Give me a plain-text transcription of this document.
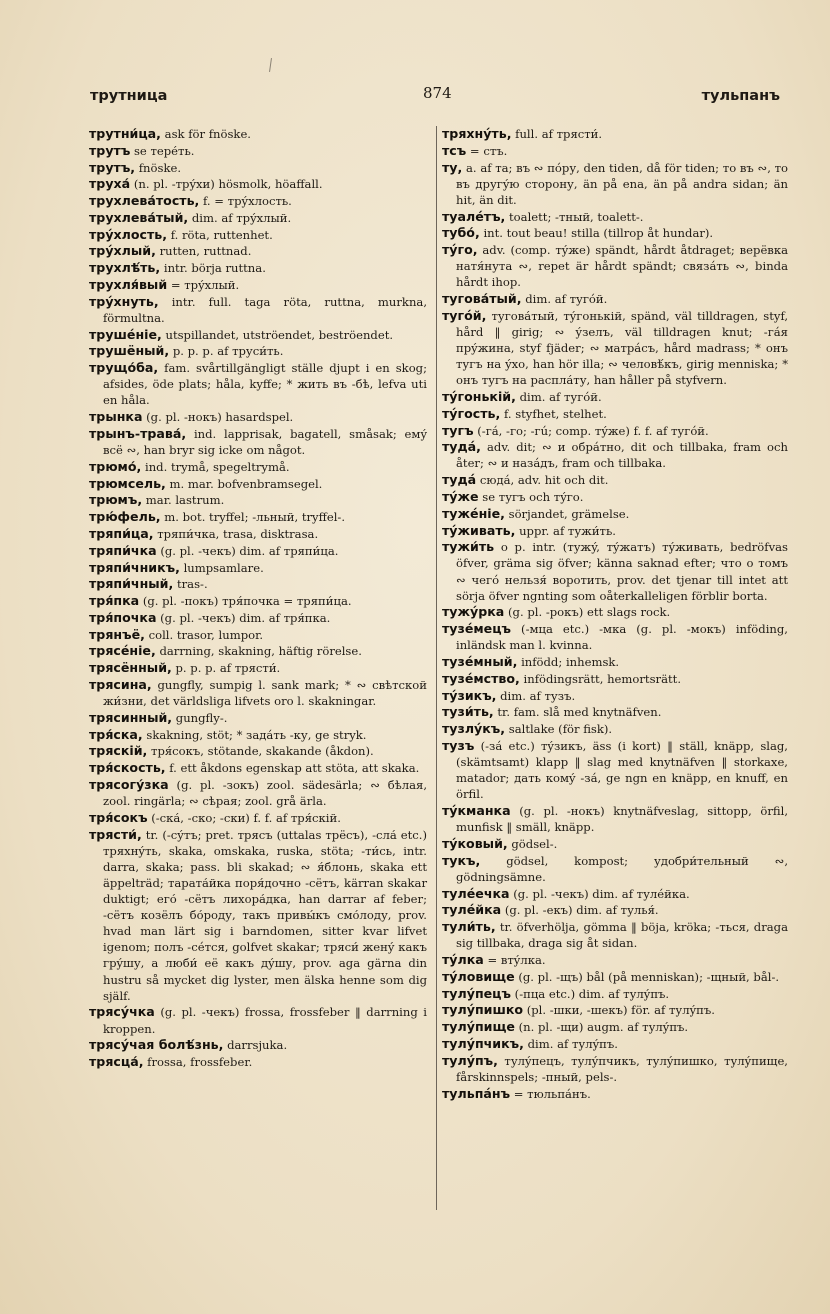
трутница	874	тульпанъ

трутни́ца, ask för fnöske.

трутъ se тере́ть.

трутъ, fnöske.

труха́ (n. pl. -трýхи) hösmolk, höaffall.

трухлева́тость, f. = трýхлость.

трухлева́тый, dim. af трýхлый.

трýхлость, f. röta, ruttenhet.

трýхлый, rutten, ruttnad.

трухлѣ́ть, intr. börja ruttna.

трухля́вый = трýхлый.

трýхнуть, intr. full. taga röta, ruttna, murkna, förmultna.

трушéніе, utspillandet, utströendet, beströendet.

трушёный, p. p. p. af труси́ть.

трущо́ба, fam. svårtillgängligt ställe djupt i en skog; afsides, öde plats; håla, kyffe; * жить въ -бѣ, lefva uti en håla.

трынка (g. pl. -нокъ) hasardspel.

трынъ-трава́, ind. lapprisak, bagatell, småsak; емý всё ∾, han bryr sig icke om något.

трюмо́, ind. trymå, spegeltrymå.

трюмсель, m. mar. bofvenbramsegel.

трюмъ, mar. lastrum.

трю́фель, m. bot. tryffel; -льный, tryffel-.

тряпи́ца, тряпи́чка, trasa, disktrasa.

тряпи́чка (g. pl. -чекъ) dim. af тряпи́ца.

тряпи́чникъ, lumpsamlare.

тряпи́чный, tras-.

тря́пка (g. pl. -покъ) тря́почка = тряпи́ца.

тря́почка (g. pl. -чекъ) dim. af тря́пка.

трянъё, coll. trasor, lumpor.

трясéніе, darrning, skakning, häftig rörelse.

трясённый, p. p. p. af трясти́.

трясина, gungfly, sumpig l. sank mark; * ∾ свѣтской жи́зни, det världsliga lifvets oro l. skakningar.

трясинный, gungfly-.

тря́ска, skakning, stöt; * задáть -ку, ge stryk.

тряскій, тря́сокъ, stötande, skakande (åkdon).

тря́скость, f. ett åkdons egenskap att stöta, att skaka.

трясогу́зка (g. pl. -зокъ) zool. sädesärla; ∾ бѣлая, zool. ringärla; ∾ сѣрая; zool. grå ärla.

тря́сокъ (-ска́, -ско; -ски) f. f. af тря́скій.

трясти́, tr. (-сýтъ; pret. трясъ (uttalas трёсъ), -сла́ etc.) тряхнýть, skaka, omskaka, ruska, stöta; -ти́сь, intr. darra, skaka; pass. bli skakad; ∾ я́блонь, skaka ett äppelträd; тарата́йка поря́дочно -сётъ, kärran skakar duktigt; его́ -сётъ лихора́дка, han darrar af feber; -сётъ козёлъ бо́роду, такъ привы́къ смо́лоду, prov. hvad man lärt sig i barndomen, sitter kvar lifvet igenom; полъ -сéтся, golfvet skakar; тряси́ женý какъ грýшу, а люби́ её какъ дýшу, prov. aga gärna din hustru så mycket dig lyster, men älska henne som dig själf.

трясýчка (g. pl. -чекъ) frossa, frossfeber ‖ darrning i kroppen.

трясýчая болѣ́знь, darrsjuka.

трясца́, frossa, frossfeber.

тряхнýть, full. af трясти́.

тсъ = стъ.

ту, a. af та; въ ∾ пóру, den tiden, då för tiden; то въ ∾, то въ другýю сторону, än på ena, än på andra sidan; än hit, än dit.

туалéтъ, toalett; -тный, toalett-.

тубо́, int. tout beau! stilla (tillrop åt hundar).

тýго, adv. (comp. тýже) spändt, hårdt åtdraget; верёвка натя́нута ∾, repet är hårdt spändt; связáть ∾, binda hårdt ihop.

тугова́тый, dim. af тугóй.

тугóй, тугова́тый, тýгонькій, spänd, väl tilldragen, styf, hård ‖ girig; ∾ ýзелъ, väl tilldragen knut; -гáя прýжина, styf fjäder; ∾ матрáсъ, hård madrass; * онъ тугъ на ýхо, han hör illa; ∾ человѣ́къ, girig menniska; * онъ тугъ на распла́ту, han håller på styfvern.

тýгонькій, dim. af тугóй.

тýгость, f. styfhet, stelhet.

тугъ (-гá, -го; -гú; comp. тýже) f. f. af тугóй.

тудá, adv. dit; ∾ и обрáтно, dit och tillbaka, fram och åter; ∾ и назáдъ, fram och tillbaka.

тудá сюдá, adv. hit och dit.

тýже se тугъ och тýго.

тужéніе, sörjandet, grämelse.

тýживать, uppr. af тужи́ть.

тужи́ть o p. intr. (тужý, тýжатъ) тýживать, bedröfvas öfver, gräma sig öfver; känna saknad efter; что о томъ ∾ чегó нельзя́ воротить, prov. det tjenar till intet att sörja öfver ngnting som oåterkalleligen förblir borta.

тужýрка (g. pl. -рокъ) ett slags rock.

тузéмецъ (-мца etc.) -мка (g. pl. -мокъ) inföding, inländsk man l. kvinna.

тузéмный, infödd; inhemsk.

тузéмство, infödingsrätt, hemortsrätt.

тýзикъ, dim. af тузъ.

тузи́ть, tr. fam. slå med knytnäfven.

тузлýкъ, saltlake (för fisk).

тузъ (-зá etc.) тýзикъ, äss (i kort) ‖ ställ, knäpp, slag, (skämtsamt) klapp ‖ slag med knytnäfven ‖ storkaxe, matador; дать комý -зá, ge ngn en knäpp, en knuff, en örfil.

тýкманка (g. pl. -нокъ) knytnäfveslag, sittopp, örfil, munfisk ‖ smäll, knäpp.

тýковый, gödsel-.

тукъ, gödsel, kompost; удобри́тельный ∾, gödningsämne.

тулéечка (g. pl. -чекъ) dim. af тулéйка.

тулéйка (g. pl. -екъ) dim. af тулья́.

тули́ть, tr. öfverhölja, gömma ‖ böja, kröka; -ться, draga sig tillbaka, draga sig åt sidan.

тýлка = втýлка.

тýловище (g. pl. -щъ) bål (på menniskan); -щный, bål-.

тулýпецъ (-пца etc.) dim. af тулýпъ.

тулýпишко (pl. -шки, -шекъ) för. af тулýпъ.

тулýпище (n. pl. -щи) augm. af тулýпъ.

тулýпчикъ, dim. af тулýпъ.

тулýпъ, тулýпецъ, тулýпчикъ, тулýпишко, тулýпище, fårskinnspels; -пный, pels-.

тульпáнъ = тюльпáнъ.
